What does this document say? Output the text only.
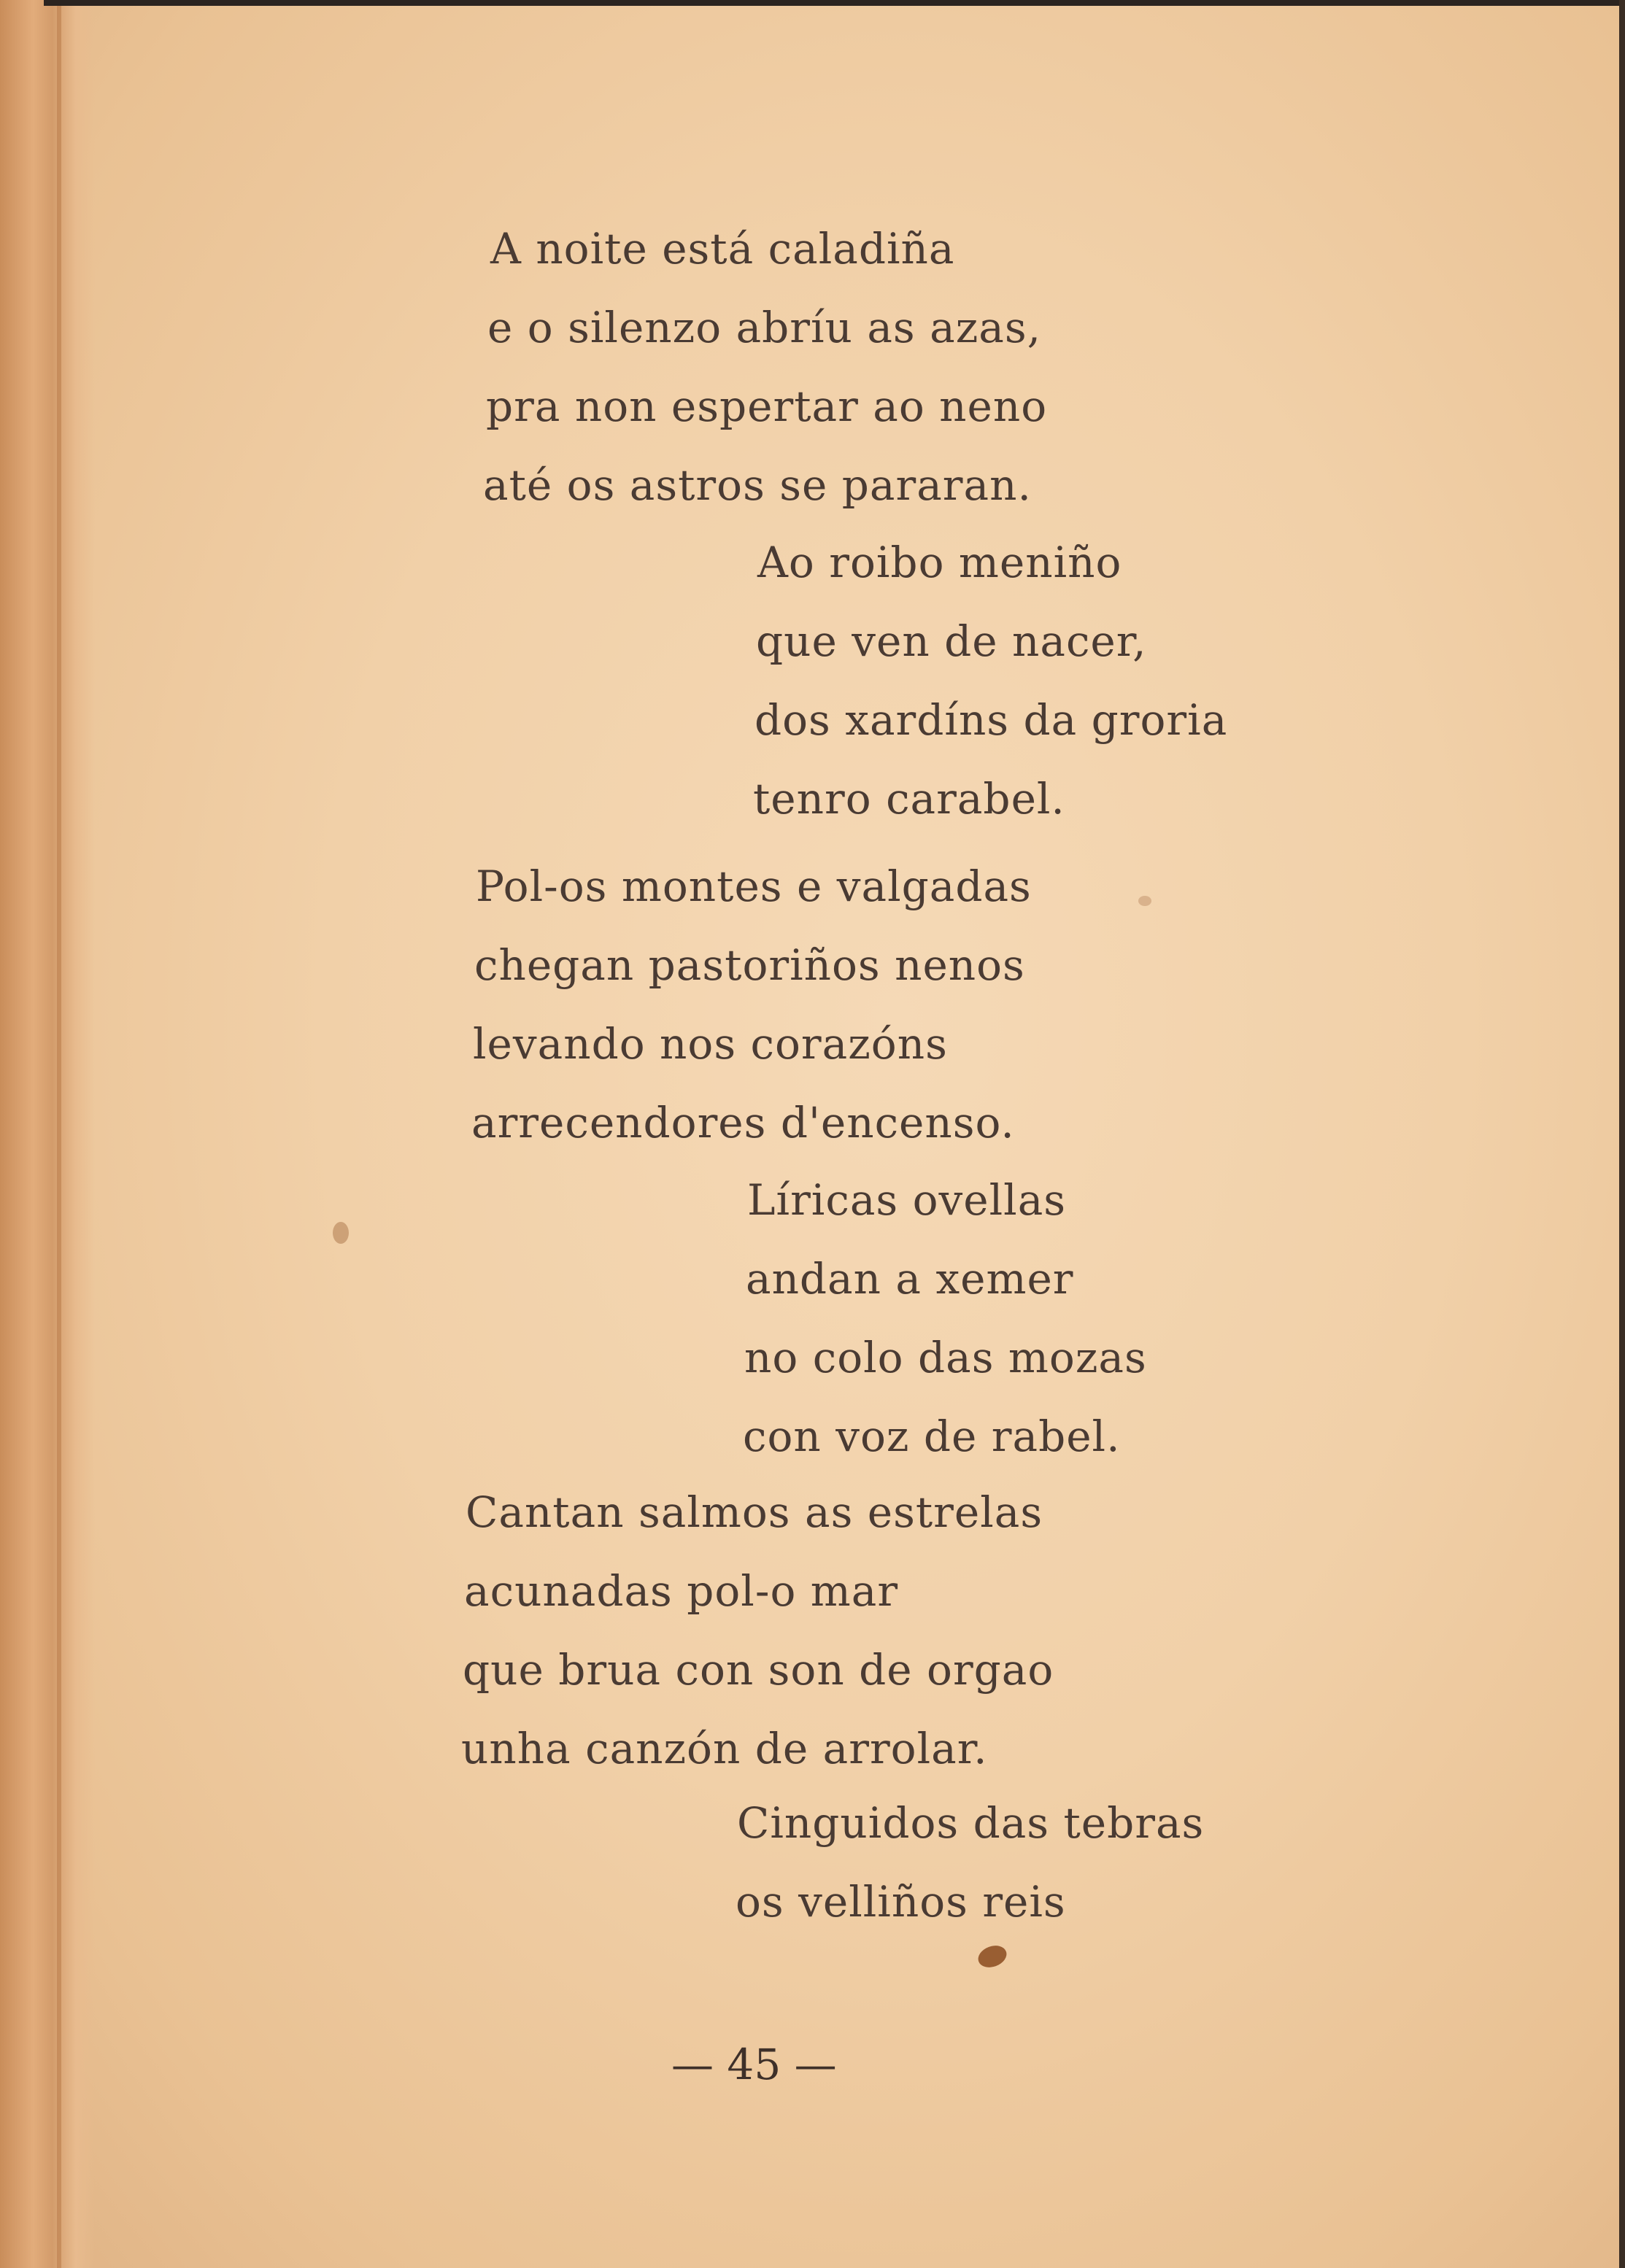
A noite está caladiña
e o silenzo abríu as azas,
pra non espertar ao neno
até os astros se pararan.
Ao roibo meniño
que ven de nacer,
dos xardíns da groria
tenro carabel.
Pol-os montes e valgadas
chegan pastoriños nenos
levando nos corazóns
arrecendores d'encenso.
Líricas ovellas
andan a xemer
no colo das mozas
con voz de rabel.
Cantan salmos as estrelas
acunadas pol-o mar
que brua con son de orgao
unha canzón de arrolar.
Cinguidos das tebras
os velliños reis
— 45 —
